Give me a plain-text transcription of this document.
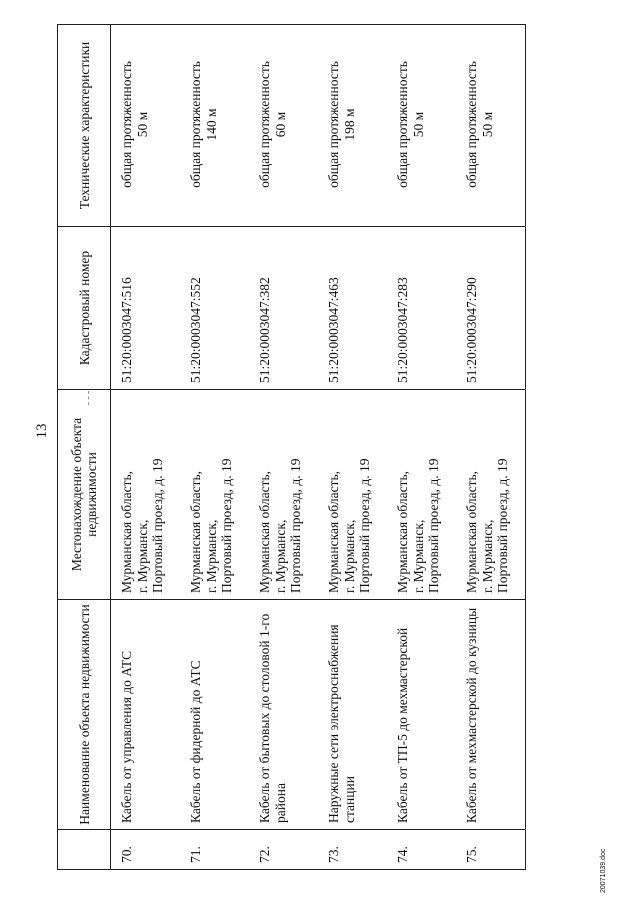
13
	Наименование объекта недвижимости	Местонахождение объекта недвижимости	Кадастровый номер	Технические характеристики
70.	Кабель от управления до АТС	Мурманская область, г. Мурманск, Портовый проезд, д. 19	51:20:0003047:516	общая протяженность 50 м

71.	Кабель от фидерной до АТС	Мурманская область, г. Мурманск, Портовый проезд, д. 19	51:20:0003047:552	общая протяженность 140 м

72.	Кабель от бытовых до столовой 1-го района	Мурманская область, г. Мурманск, Портовый проезд, д. 19	51:20:0003047:382	общая протяженность 60 м

73.	Наружные сети электроснабжения станции	Мурманская область, г. Мурманск, Портовый проезд, д. 19	51:20:0003047:463	общая протяженность 198 м

74.	Кабель от ТП-5 до мехмастерской	Мурманская область, г. Мурманск, Портовый проезд, д. 19	51:20:0003047:283	общая протяженность 50 м

75.	Кабель от мехмастерской до кузницы	Мурманская область, г. Мурманск, Портовый проезд, д. 19	51:20:0003047:290	общая протяженность 50 м
20071039.doc
